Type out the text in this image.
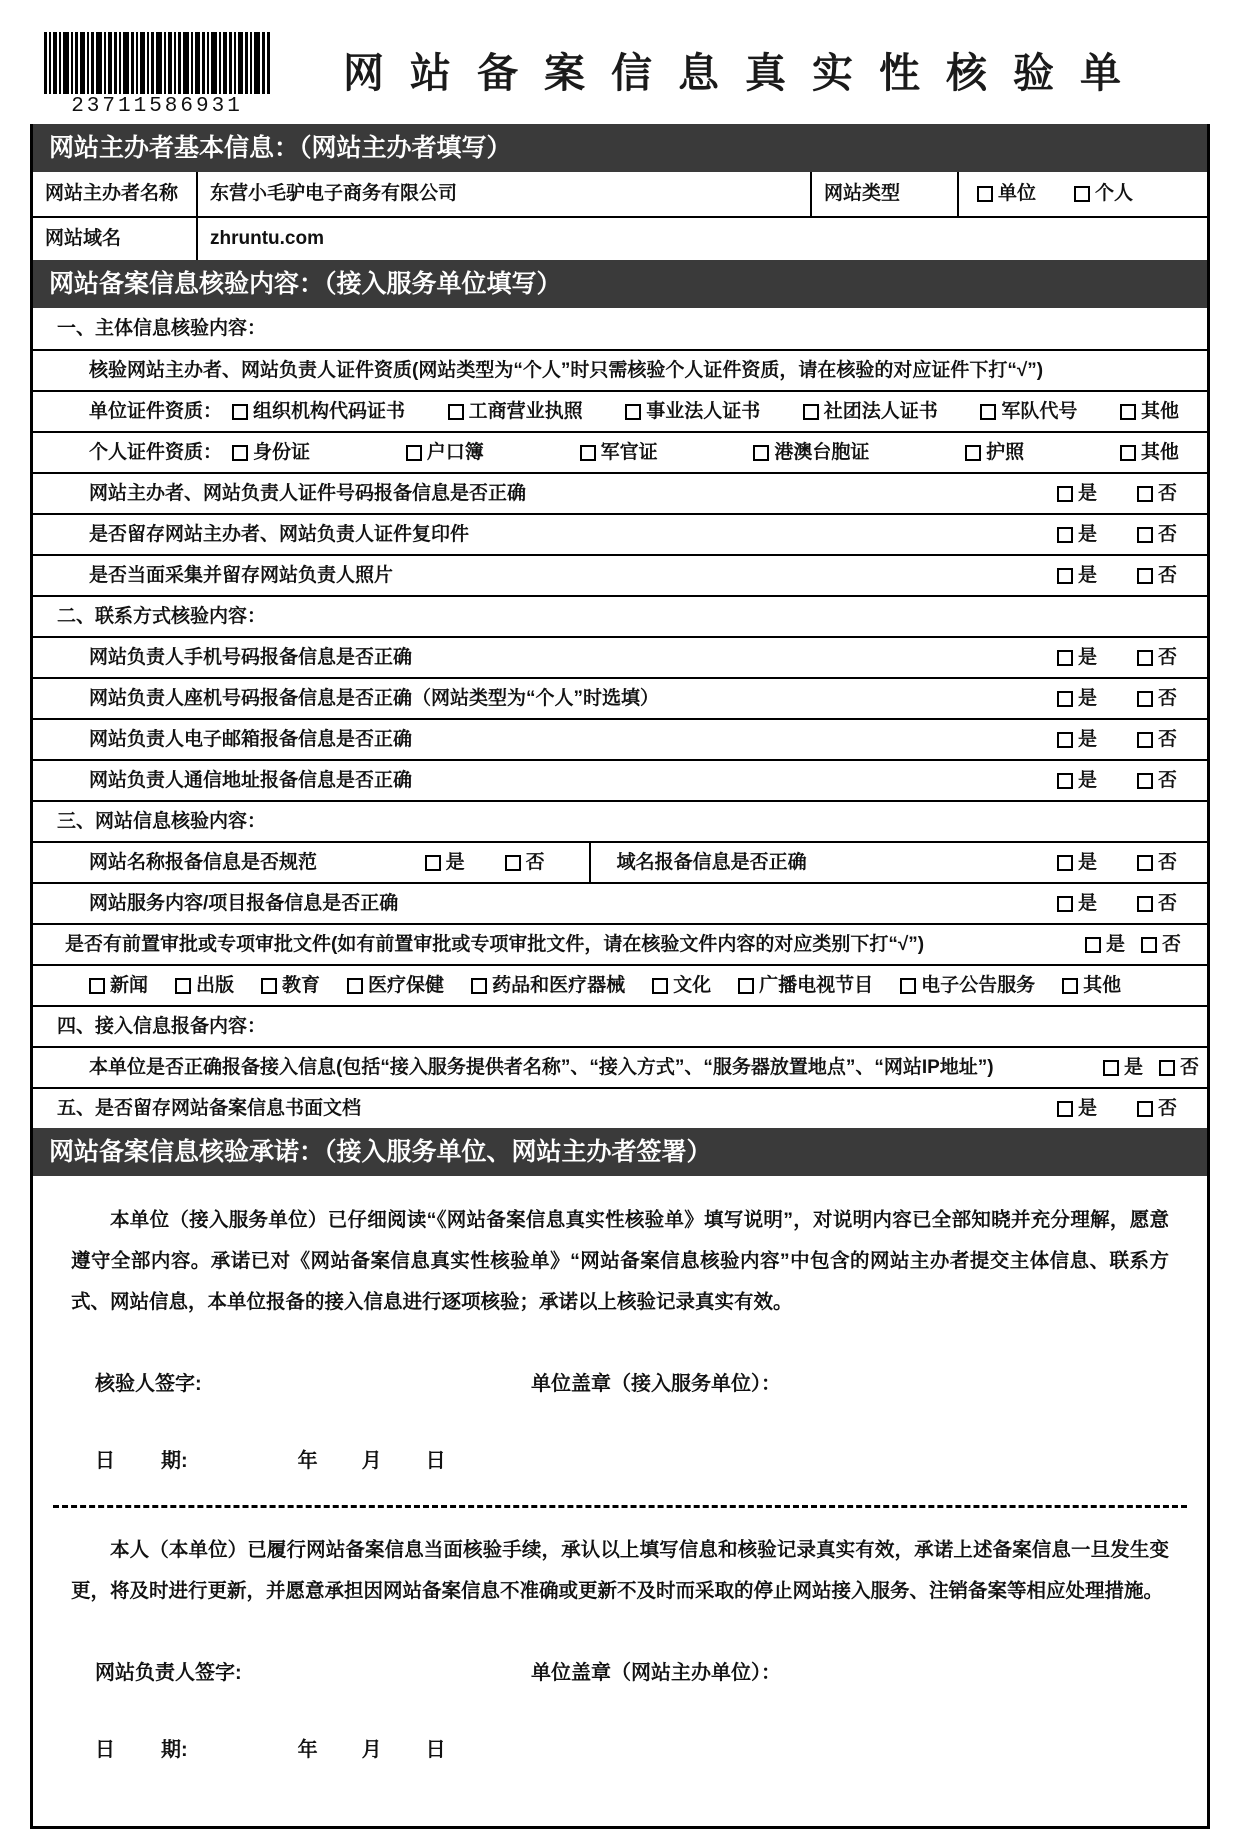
23711586931
网站备案信息真实性核验单
网站主办者基本信息：（网站主办者填写）
网站主办者名称	东营小毛驴电子商务有限公司	网站类型	单位	个人
网站域名	zhruntu.com
网站备案信息核验内容：（接入服务单位填写）
一、主体信息核验内容：
核验网站主办者、网站负责人证件资质(网站类型为“个人”时只需核验个人证件资质，请在核验的对应证件下打“√”)
单位证件资质： 组织机构代码证书	工商营业执照	事业法人证书	社团法人证书	军队代号	其他
个人证件资质： 身份证	户口簿	军官证	港澳台胞证	护照	其他
网站主办者、网站负责人证件号码报备信息是否正确	是	否
是否留存网站主办者、网站负责人证件复印件	是	否
是否当面采集并留存网站负责人照片	是	否
二、联系方式核验内容：
网站负责人手机号码报备信息是否正确	是	否
网站负责人座机号码报备信息是否正确（网站类型为“个人”时选填）	是	否
网站负责人电子邮箱报备信息是否正确	是	否
网站负责人通信地址报备信息是否正确	是	否
三、网站信息核验内容：
网站名称报备信息是否规范	是	否	域名报备信息是否正确	是	否
网站服务内容/项目报备信息是否正确	是	否
是否有前置审批或专项审批文件(如有前置审批或专项审批文件，请在核验文件内容的对应类别下打“√”)	是 否
新闻	出版	教育	医疗保健	药品和医疗器械	文化	广播电视节目	电子公告服务	其他
四、接入信息报备内容：
本单位是否正确报备接入信息(包括“接入服务提供者名称”、“接入方式”、“服务器放置地点”、“网站IP地址”)	是 否
五、是否留存网站备案信息书面文档	是	否
网站备案信息核验承诺：（接入服务单位、网站主办者签署）

本单位（接入服务单位）已仔细阅读“《网站备案信息真实性核验单》填写说明”，对说明内容已全部知晓并充分理解，愿意遵守全部内容。承诺已对《网站备案信息真实性核验单》“网站备案信息核验内容”中包含的网站主办者提交主体信息、联系方式、网站信息，本单位报备的接入信息进行逐项核验；承诺以上核验记录真实有效。

核验人签字:	单位盖章（接入服务单位）：
日 期:	年 月 日

本人（本单位）已履行网站备案信息当面核验手续，承认以上填写信息和核验记录真实有效，承诺上述备案信息一旦发生变更，将及时进行更新，并愿意承担因网站备案信息不准确或更新不及时而采取的停止网站接入服务、注销备案等相应处理措施。

网站负责人签字:	单位盖章（网站主办单位）：
日 期:	年 月 日
